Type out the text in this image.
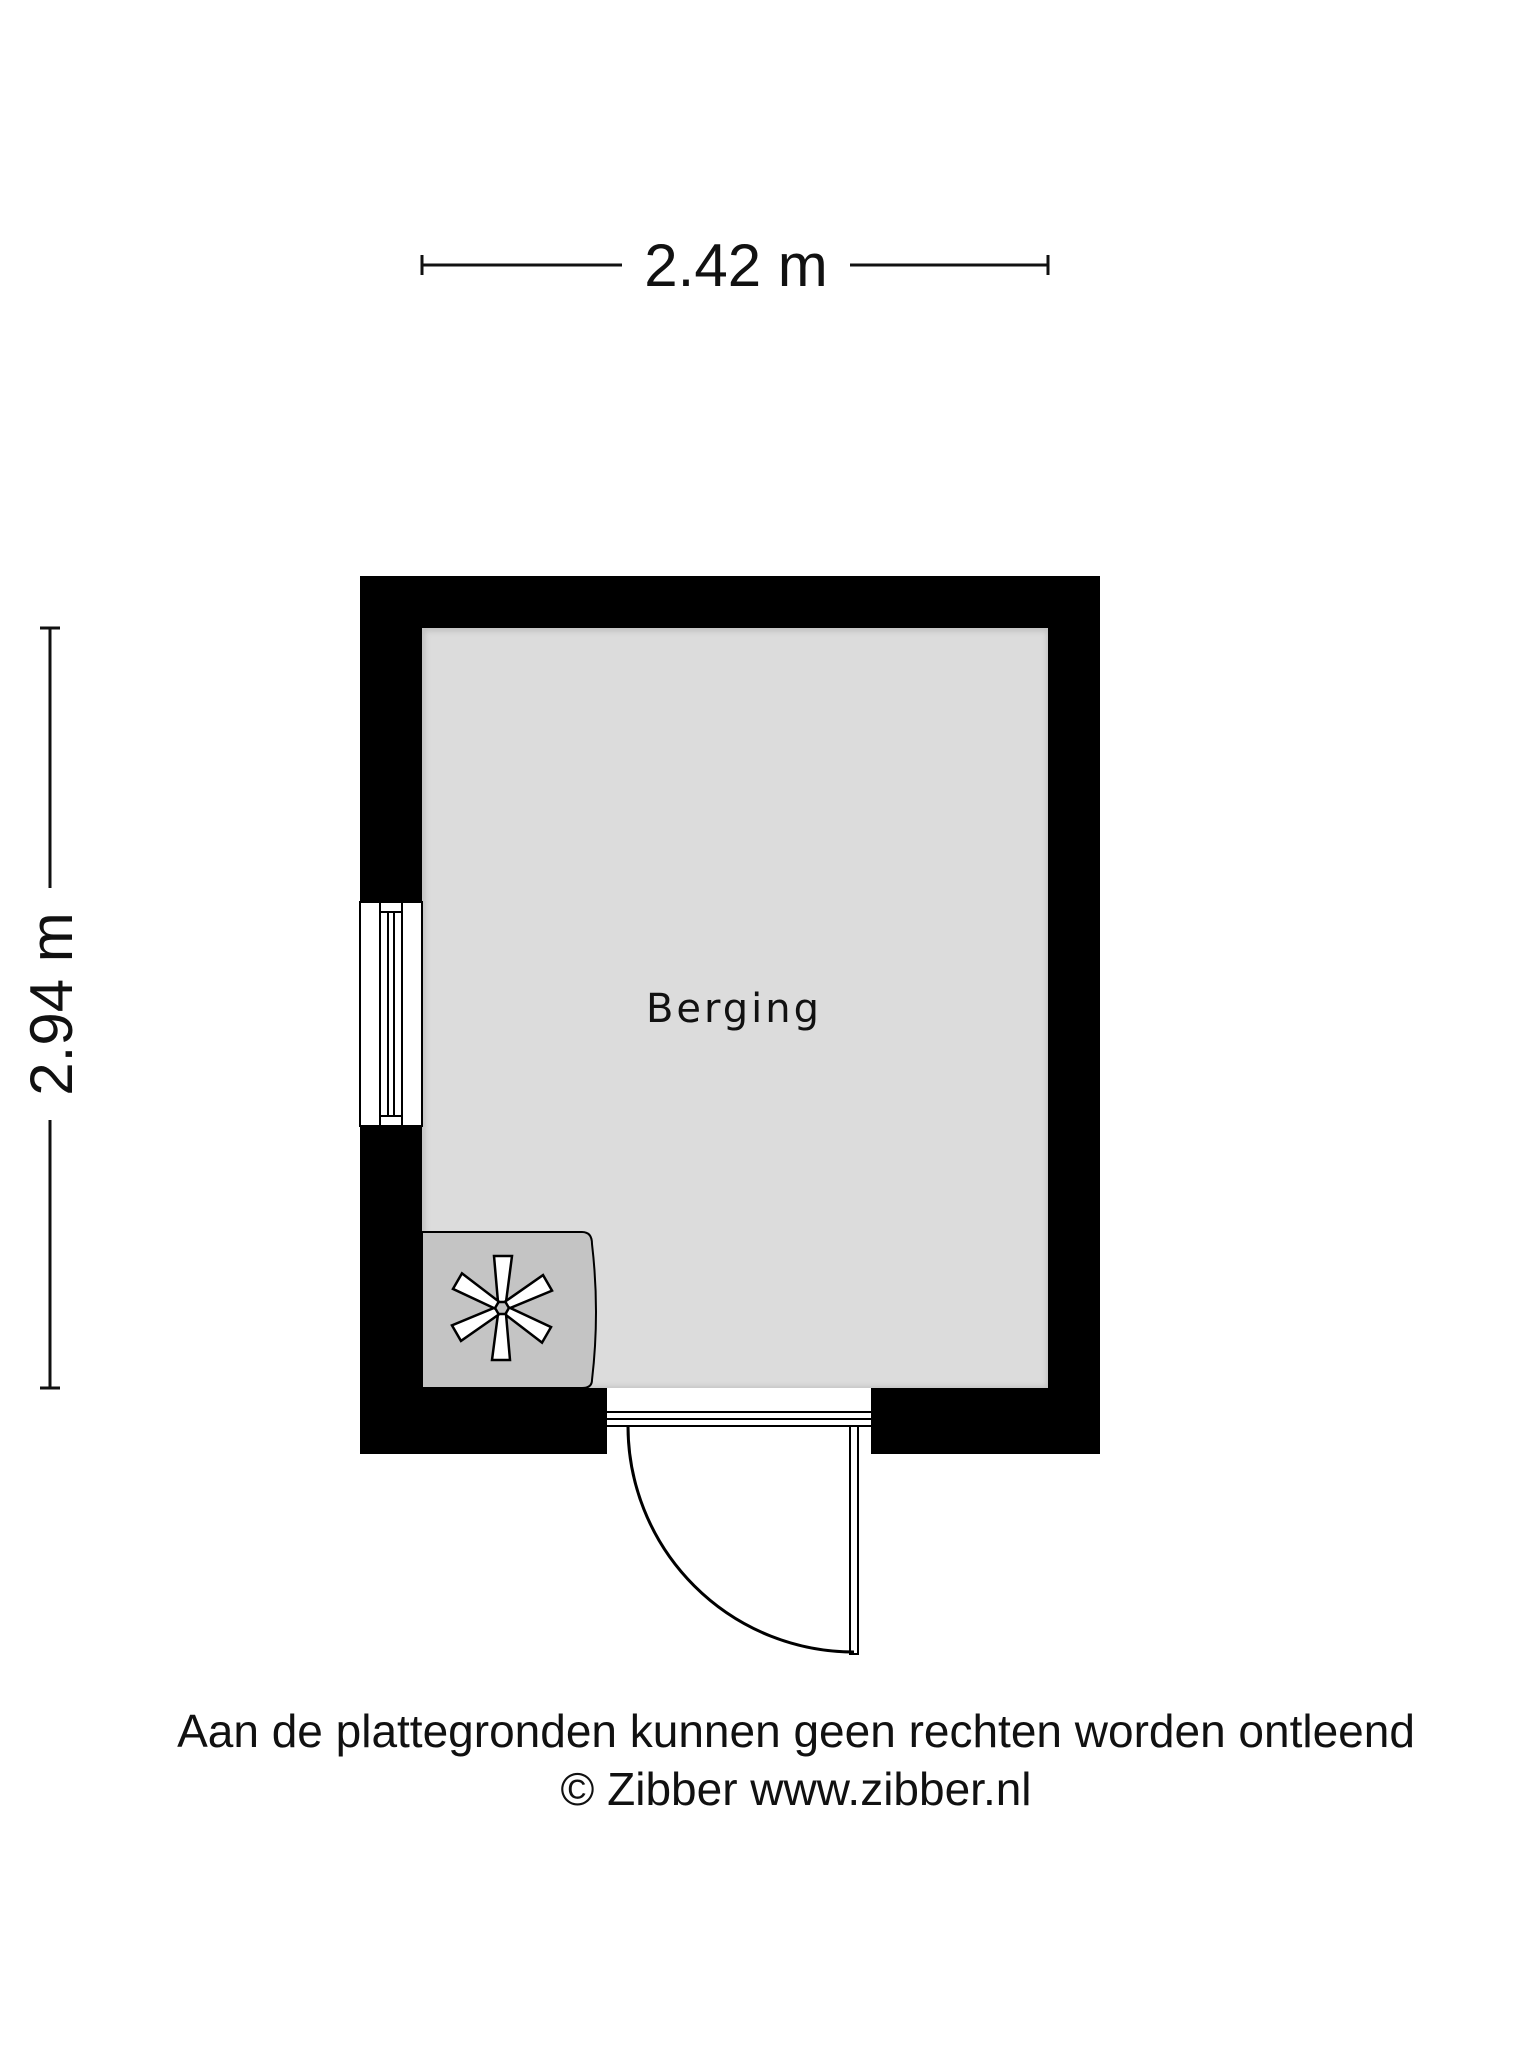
2.42 m
2.94 m	Berging
Aan de plattegronden kunnen geen rechten worden ontleend
© Zibber www.zibber.nl
